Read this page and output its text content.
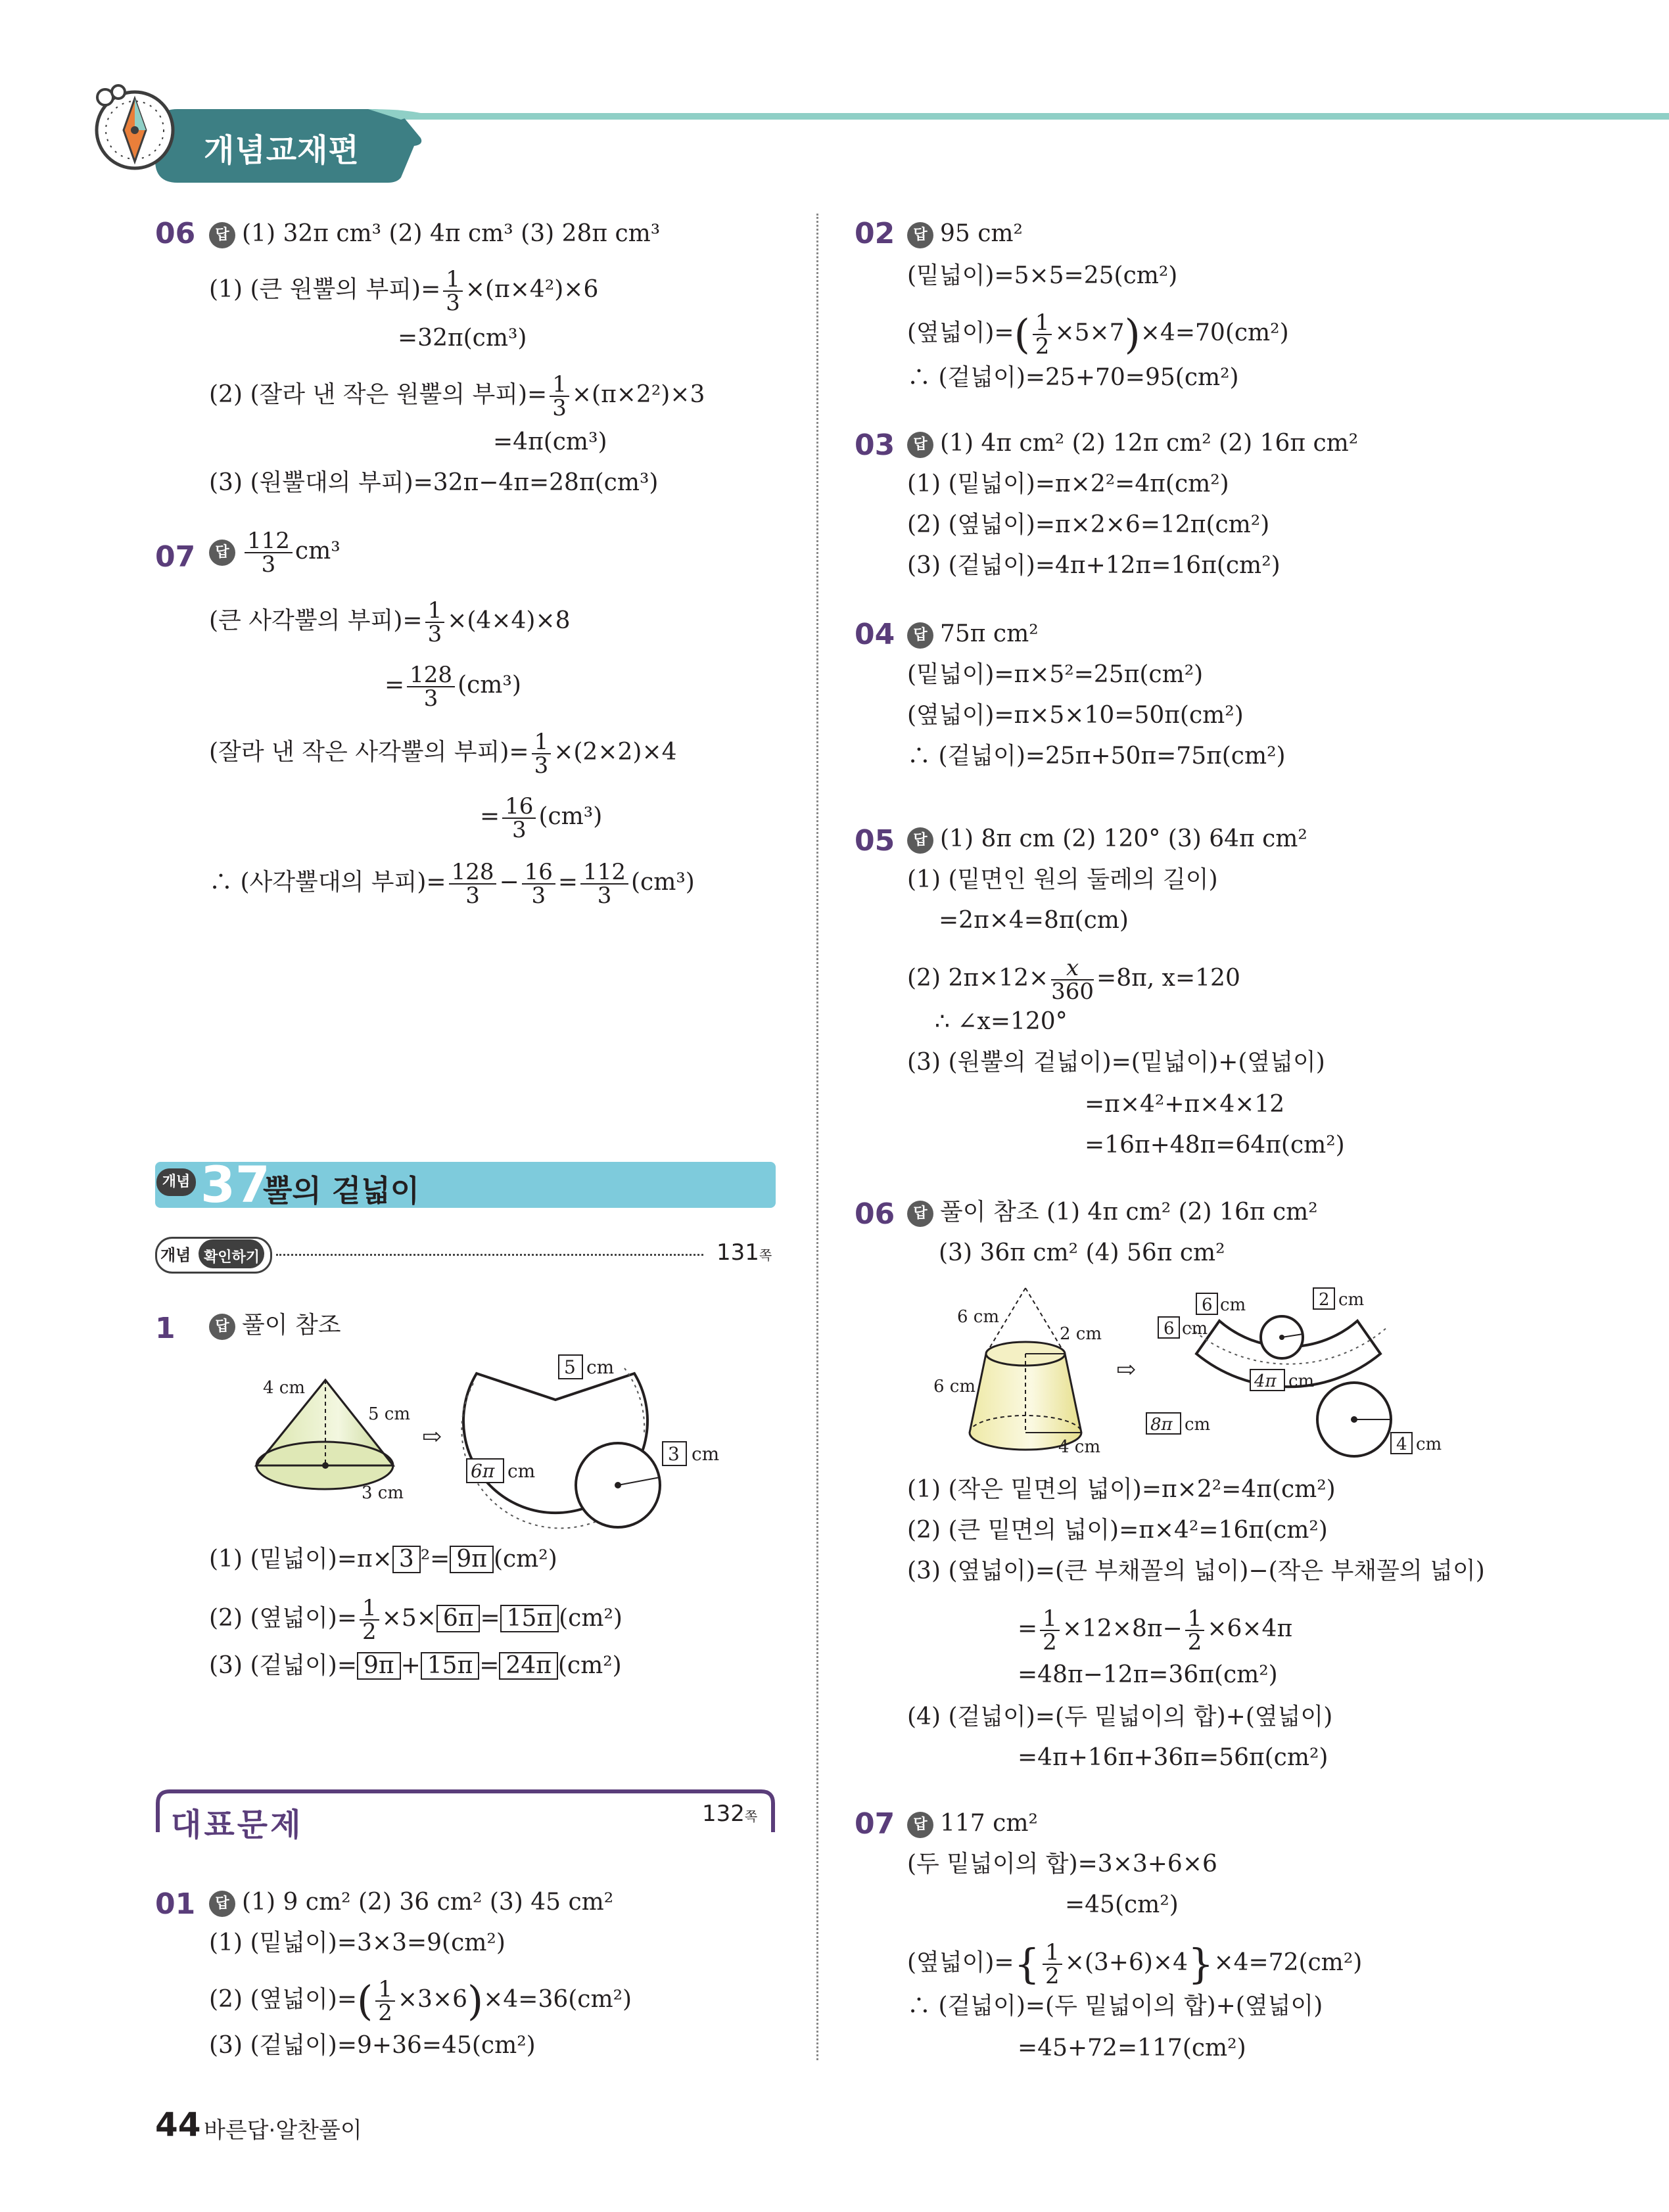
개념교재편
06	답 (1) 32π cm³ (2) 4π cm³ (3) 28π cm³
(1) (큰 원뿔의 부피)= $\frac{1}{3} \times(\pi\times 4^2)\times 6$
=32π(cm³)
(2) (잘라 낸 작은 원뿔의 부피)= $\frac{1}{3} \times(\pi\times 2^2)\times 3$
=4π(cm³)
(3) (원뿔대의 부피)=32π−4π=28π(cm³)
07	답 $\frac{112}{3} cm^3$
(큰 사각뿔의 부피)= $\frac{1}{3} \times(4\times 4)\times 8$
= $\frac{128}{3} (cm^3)$
(잘라 낸 작은 사각뿔의 부피)= $\frac{1}{3} \times(2\times 2)\times 4$
= $\frac{16}{3} (cm^3)$
∴ (사각뿔대의 부피)= $\frac{128}{3} - \frac{16}{3} = \frac{112}{3} (cm^3)$
개념 37
뿔의 겉넓이
개념 확인하기	131쪽
1	답 풀이 참조
4 cm
5 cm
3 cm
⇨
5 cm
6π cm
3 cm
(1) (밑넓이)=π× 3 ²= 9π (cm²)
(2) (옆넓이)= $\frac{1}{2} \times 5\times 6\pi = 15\pi$ (cm²)
(3) (겉넓이)= 9π + 15π = 24π (cm²)
대표문제	132쪽
01	답 (1) 9 cm² (2) 36 cm² (3) 45 cm²
(1) (밑넓이)=3×3=9(cm²)
(2) (옆넓이)=( $\frac{1}{2} \times 3\times 6)\times 4=36(cm^2)$
(3) (겉넓이)=9+36=45(cm²)
02	답 95 cm²
(밑넓이)=5×5=25(cm²)
(옆넓이)=( $\frac{1}{2} \times 5\times 7)\times 4=70(cm^2)$
∴ (겉넓이)=25+70=95(cm²)
03	답 (1) 4π cm² (2) 12π cm² (2) 16π cm²
(1) (밑넓이)=π×2²=4π(cm²)
(2) (옆넓이)=π×2×6=12π(cm²)
(3) (겉넓이)=4π+12π=16π(cm²)
04	답 75π cm²
(밑넓이)=π×5²=25π(cm²)
(옆넓이)=π×5×10=50π(cm²)
∴ (겉넓이)=25π+50π=75π(cm²)
05	답 (1) 8π cm (2) 120° (3) 64π cm²
(1) (밑면인 원의 둘레의 길이)
=2π×4=8π(cm)
(2) $2\pi\times 12\times \frac{x}{360} =8\pi$, x=120
∴ ∠x=120°
(3) (원뿔의 겉넓이)=(밑넓이)+(옆넓이)
=π×4²+π×4×12
=16π+48π=64π(cm²)
06	답 풀이 참조 (1) 4π cm² (2) 16π cm²
(3) 36π cm² (4) 56π cm²
6 cm
2 cm
6 cm
4 cm
⇨
6 cm
6 cm
2 cm
4π cm
8π cm
4 cm
(1) (작은 밑면의 넓이)=π×2²=4π(cm²)
(2) (큰 밑면의 넓이)=π×4²=16π(cm²)
(3) (옆넓이)=(큰 부채꼴의 넓이)−(작은 부채꼴의 넓이)
= $\frac{1}{2} \times 12\times 8\pi- \frac{1}{2} \times 6\times 4\pi$
=48π−12π=36π(cm²)
(4) (겉넓이)=(두 밑넓이의 합)+(옆넓이)
=4π+16π+36π=56π(cm²)
07	답 117 cm²
(두 밑넓이의 합)=3×3+6×6
=45(cm²)
(옆넓이)={ $\frac{1}{2} \times(3+6)\times 4\}\times 4=72(cm^2)$
∴ (겉넓이)=(두 밑넓이의 합)+(옆넓이)
=45+72=117(cm²)
44 바른답·알찬풀이
